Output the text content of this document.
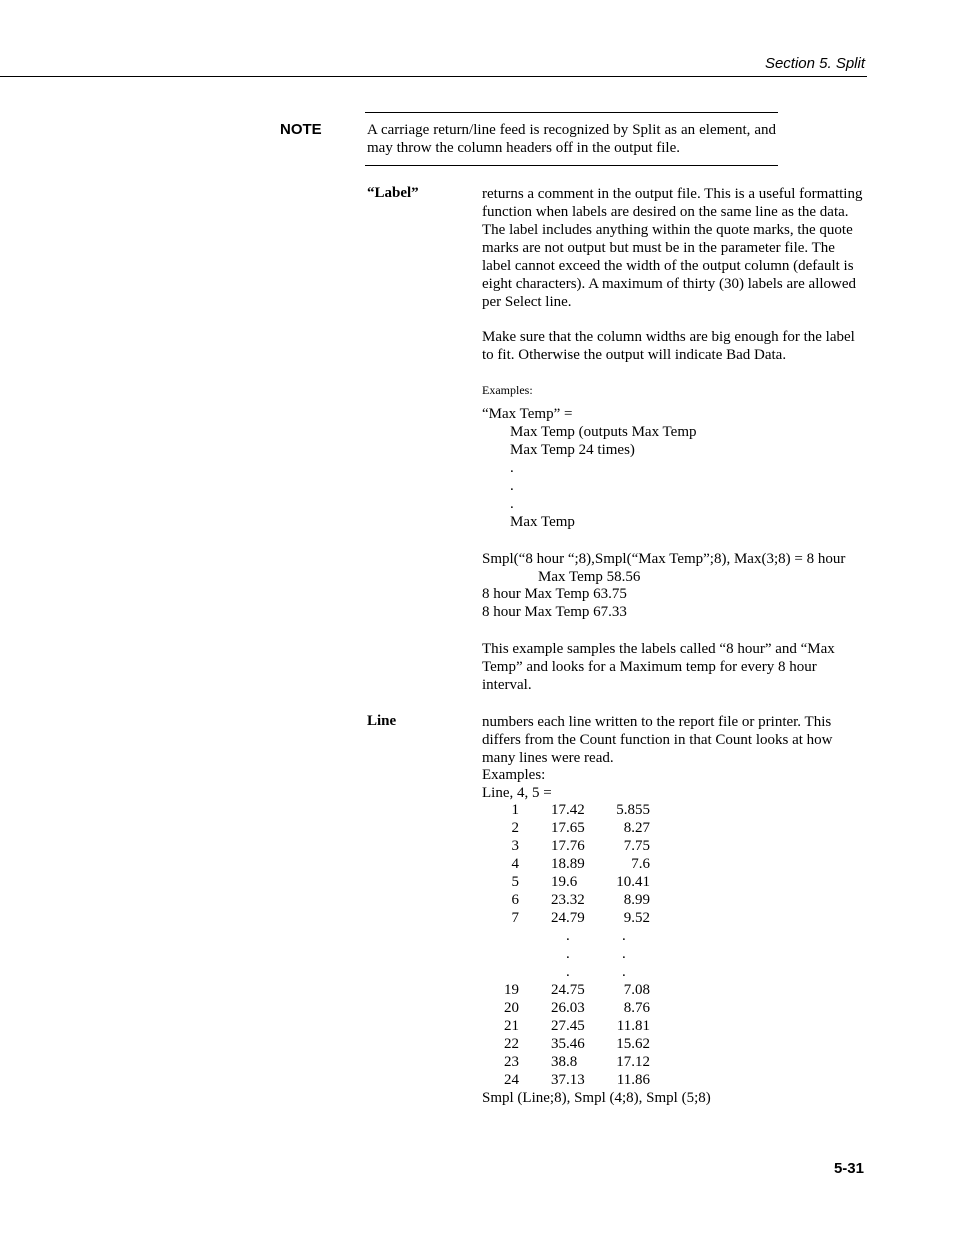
Section 5. Split
NOTE	A carriage return/line feed is recognized by Split as an element, and may throw the column headers off in the output file.
“Label”	returns a comment in the output file. This is a useful formatting function when labels are desired on the same line as the data. The label includes anything within the quote marks, the quote marks are not output but must be in the parameter file. The label cannot exceed the width of the output column (default is eight characters). A maximum of thirty (30) labels are allowed per Select line.
Make sure that the column widths are big enough for the label to fit. Otherwise the output will indicate Bad Data.
Examples:
“Max Temp” =
Max Temp (outputs Max Temp
Max Temp 24 times)
.
.
.
Max Temp
Smpl(“8 hour “;8),Smpl(“Max Temp”;8), Max(3;8) = 8 hour
Max Temp 58.56
8 hour Max Temp 63.75
8 hour Max Temp 67.33
This example samples the labels called “8 hour” and “Max Temp” and looks for a Maximum temp for every 8 hour interval.
Line	numbers each line written to the report file or printer. This differs from the Count function in that Count looks at how many lines were read.
Examples:
Line, 4, 5 =
1 17.42 5.855
2 17.65	8.27
3 17.76	7.75
4 18.89	7.6
5 19.6	10.41
6 23.32	8.99
7 24.79	9.52
.	.
.	.
.	.
19 24.75	7.08
20 26.03	8.76
21 27.45 11.81
22 35.46 15.62
23 38.8	17.12
24 37.13 11.86
Smpl (Line;8), Smpl (4;8), Smpl (5;8)
5-31
